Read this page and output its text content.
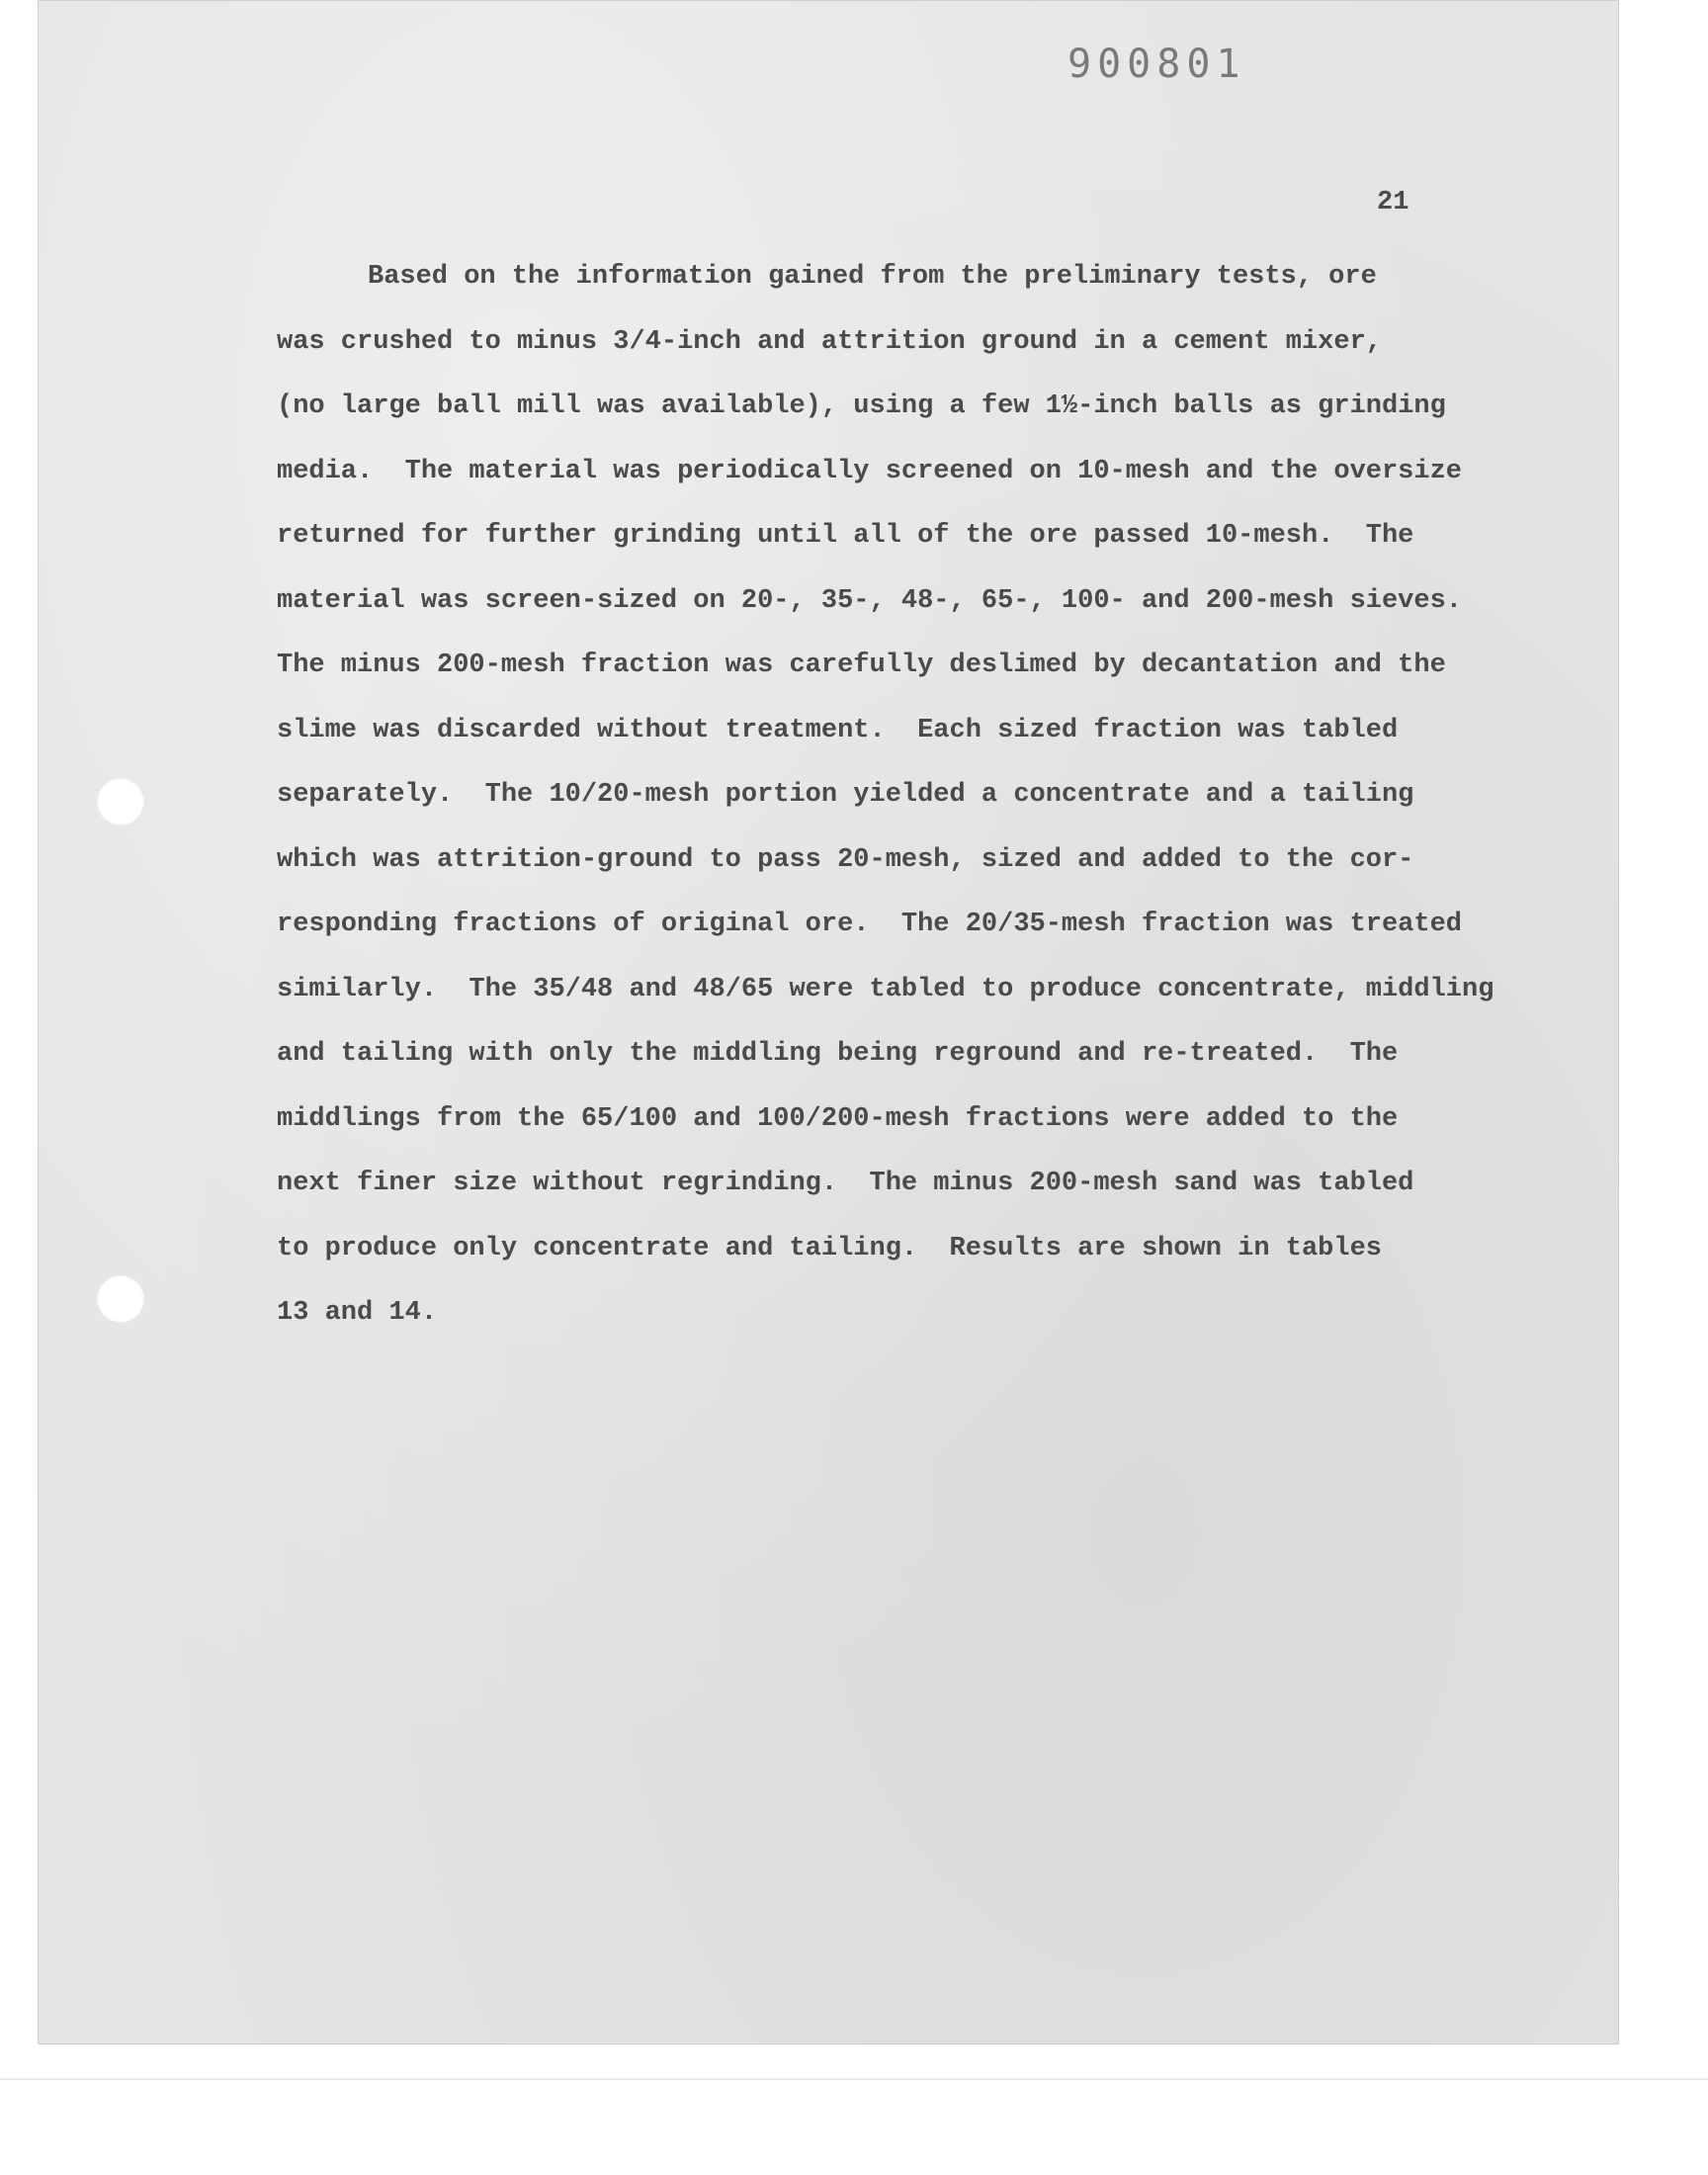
900801
21
Based on the information gained from the preliminary tests, ore
was crushed to minus 3/4-inch and attrition ground in a cement mixer,
(no large ball mill was available), using a few 1½-inch balls as grinding
media.  The material was periodically screened on 10-mesh and the oversize
returned for further grinding until all of the ore passed 10-mesh.  The
material was screen-sized on 20-, 35-, 48-, 65-, 100- and 200-mesh sieves.
The minus 200-mesh fraction was carefully deslimed by decantation and the
slime was discarded without treatment.  Each sized fraction was tabled
separately.  The 10/20-mesh portion yielded a concentrate and a tailing
which was attrition-ground to pass 20-mesh, sized and added to the cor-
responding fractions of original ore.  The 20/35-mesh fraction was treated
similarly.  The 35/48 and 48/65 were tabled to produce concentrate, middling
and tailing with only the middling being reground and re-treated.  The
middlings from the 65/100 and 100/200-mesh fractions were added to the
next finer size without regrinding.  The minus 200-mesh sand was tabled
to produce only concentrate and tailing.  Results are shown in tables
13 and 14.
